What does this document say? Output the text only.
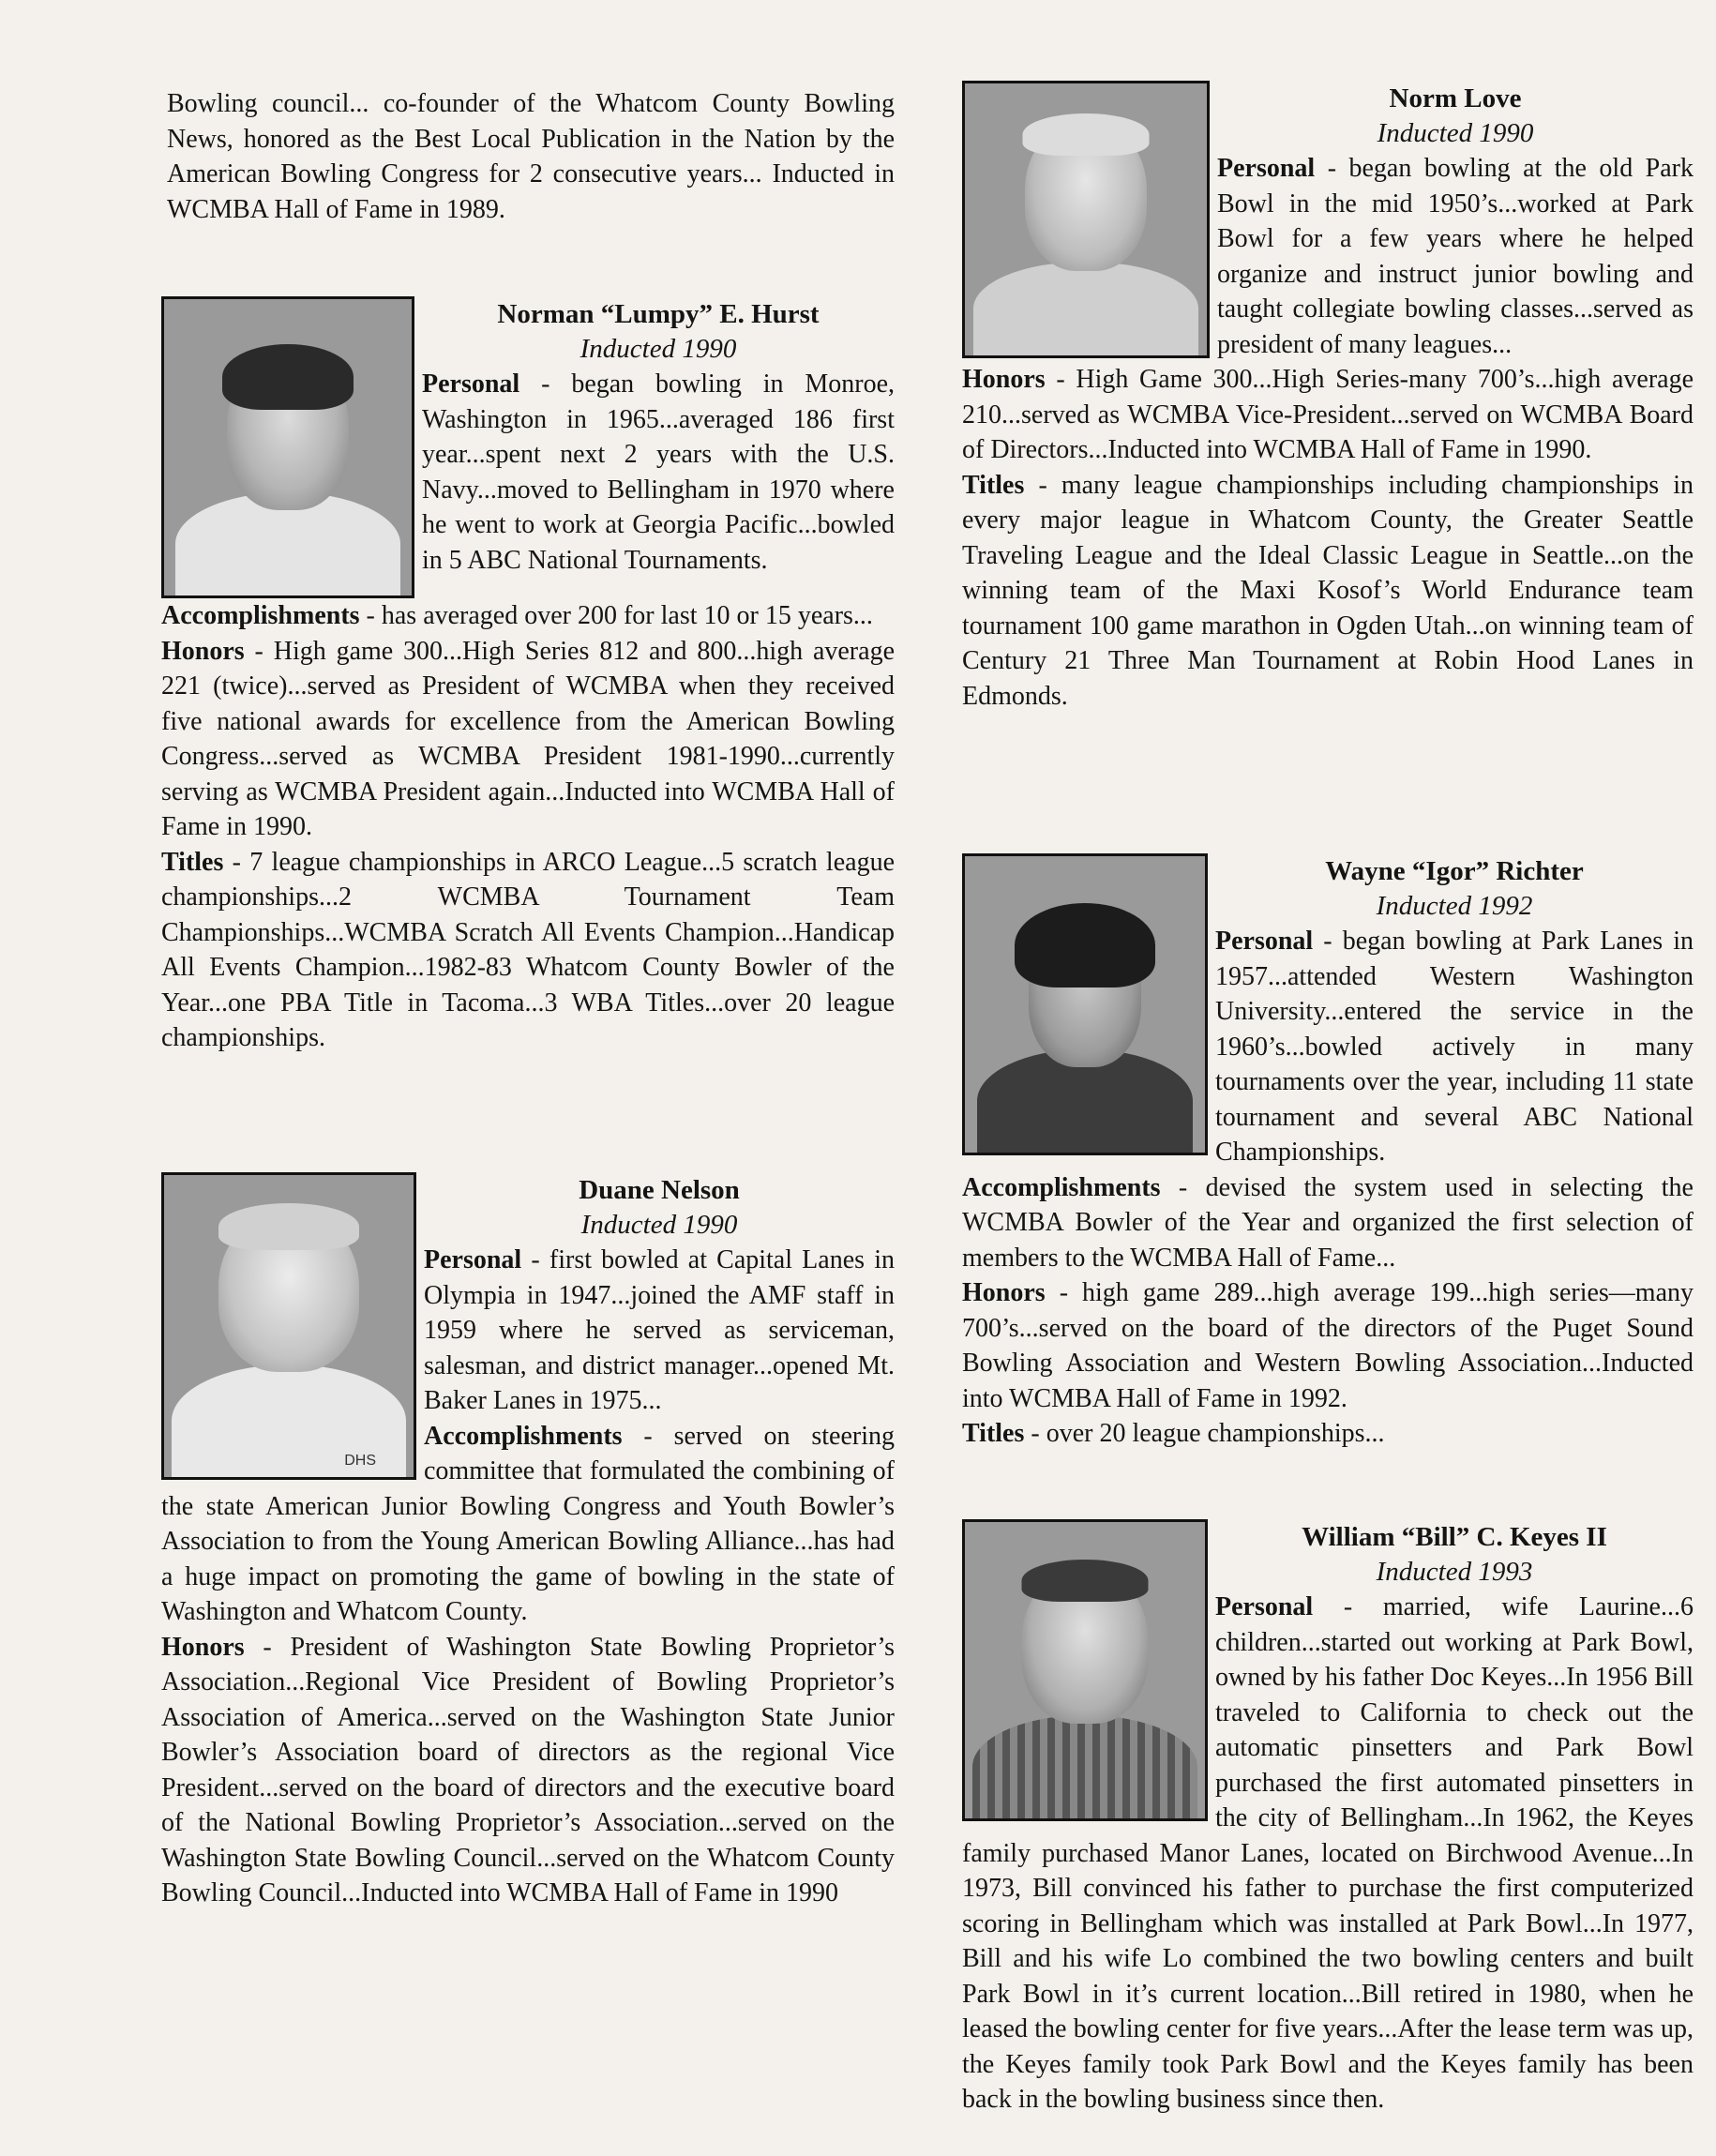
Bowling council... co-founder of the Whatcom County Bowling News, honored as the Best Local Publication in the Nation by the American Bowling Congress for 2 consecutive years... Inducted in WCMBA Hall of Fame in 1989.

Norman “Lumpy” E. Hurst

Inducted 1990

Personal - began bowling in Monroe, Washington in 1965...averaged 186 first year...spent next 2 years with the U.S. Navy...moved to Bellingham in 1970 where he went to work at Georgia Pacific...bowled in 5 ABC National Tournaments.

Accomplishments - has averaged over 200 for last 10 or 15 years...

Honors - High game 300...High Series 812 and 800...high average 221 (twice)...served as President of WCMBA when they received five national awards for excellence from the American Bowling Congress...served as WCMBA President 1981-1990...currently serving as WCMBA President again...Inducted into WCMBA Hall of Fame in 1990.

Titles - 7 league championships in ARCO League...5 scratch league championships...2 WCMBA Tournament Team Championships...WCMBA Scratch All Events Champion...Handicap All Events Champion...1982-83 Whatcom County Bowler of the Year...one PBA Title in Tacoma...3 WBA Titles...over 20 league championships.

DHS

Duane Nelson

Inducted 1990

Personal - first bowled at Capital Lanes in Olympia in 1947...joined the AMF staff in 1959 where he served as serviceman, salesman, and district manager...opened Mt. Baker Lanes in 1975...

Accomplishments - served on steering committee that formulated the combining of the state American Junior Bowling Congress and Youth Bowler’s Association to from the Young American Bowling Alliance...has had a huge impact on promoting the game of bowling in the state of Washington and Whatcom County.

Honors - President of Washington State Bowling Proprietor’s Association...Regional Vice President of Bowling Proprietor’s Association of America...served on the Washington State Junior Bowler’s Association board of directors as the regional Vice President...served on the board of directors and the executive board of the National Bowling Proprietor’s Association...served on the Washington State Bowling Council...served on the Whatcom County Bowling Council...Inducted into WCMBA Hall of Fame in 1990

Norm Love

Inducted 1990

Personal - began bowling at the old Park Bowl in the mid 1950’s...worked at Park Bowl for a few years where he helped organize and instruct junior bowling and taught collegiate bowling classes...served as president of many leagues...

Honors - High Game 300...High Series-many 700’s...high average 210...served as WCMBA Vice-President...served on WCMBA Board of Directors...Inducted into WCMBA Hall of Fame in 1990.

Titles - many league championships including championships in every major league in Whatcom County, the Greater Seattle Traveling League and the Ideal Classic League in Seattle...on the winning team of the Maxi Kosof’s World Endurance team tournament 100 game marathon in Ogden Utah...on winning team of Century 21 Three Man Tournament at Robin Hood Lanes in Edmonds.

Wayne “Igor” Richter

Inducted 1992

Personal - began bowling at Park Lanes in 1957...attended Western Washington University...entered the service in the 1960’s...bowled actively in many tournaments over the year, including 11 state tournament and several ABC National Championships.

Accomplishments - devised the system used in selecting the WCMBA Bowler of the Year and organized the first selection of members to the WCMBA Hall of Fame...

Honors - high game 289...high average 199...high series—many 700’s...served on the board of the directors of the Puget Sound Bowling Association and Western Bowling Association...Inducted into WCMBA Hall of Fame in 1992.

Titles - over 20 league championships...

William “Bill” C. Keyes II

Inducted 1993

Personal - married, wife Laurine...6 children...started out working at Park Bowl, owned by his father Doc Keyes...In 1956 Bill traveled to California to check out the automatic pinsetters and Park Bowl purchased the first automated pinsetters in the city of Bellingham...In 1962, the Keyes family purchased Manor Lanes, located on Birchwood Avenue...In 1973, Bill convinced his father to purchase the first computerized scoring in Bellingham which was installed at Park Bowl...In 1977, Bill and his wife Lo combined the two bowling centers and built Park Bowl in it’s current location...Bill retired in 1980, when he leased the bowling center for five years...After the lease term was up, the Keyes family took Park Bowl and the Keyes family has been back in the bowling business since then.
